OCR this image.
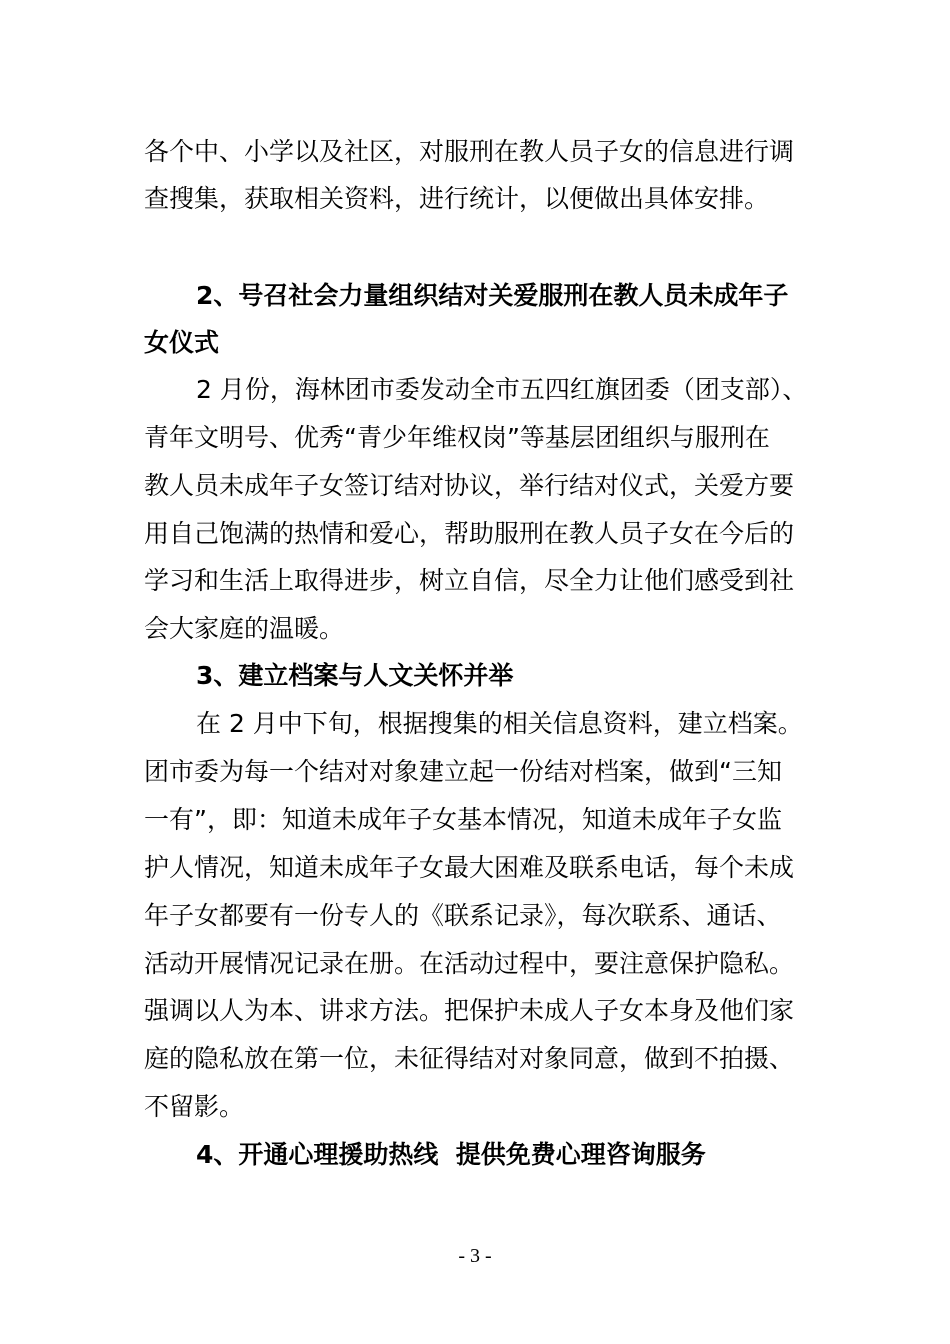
各个中、小学以及社区，对服刑在教人员子女的信息进行调
查搜集，获取相关资料，进行统计，以便做出具体安排。
2、号召社会力量组织结对关爱服刑在教人员未成年子
女仪式
2 月份，海林团市委发动全市五四红旗团委（团支部）、
青年文明号、优秀“青少年维权岗”等基层团组织与服刑在
教人员未成年子女签订结对协议，举行结对仪式，关爱方要
用自己饱满的热情和爱心，帮助服刑在教人员子女在今后的
学习和生活上取得进步，树立自信，尽全力让他们感受到社
会大家庭的温暖。
3、建立档案与人文关怀并举
在 2 月中下旬，根据搜集的相关信息资料，建立档案。
团市委为每一个结对对象建立起一份结对档案，做到“三知
一有”，即：知道未成年子女基本情况，知道未成年子女监
护人情况，知道未成年子女最大困难及联系电话，每个未成
年子女都要有一份专人的《联系记录》，每次联系、通话、
活动开展情况记录在册。在活动过程中，要注意保护隐私。
强调以人为本、讲求方法。把保护未成人子女本身及他们家
庭的隐私放在第一位，未征得结对对象同意，做到不拍摄、
不留影。
4、开通心理援助热线  提供免费心理咨询服务
- 3 -
